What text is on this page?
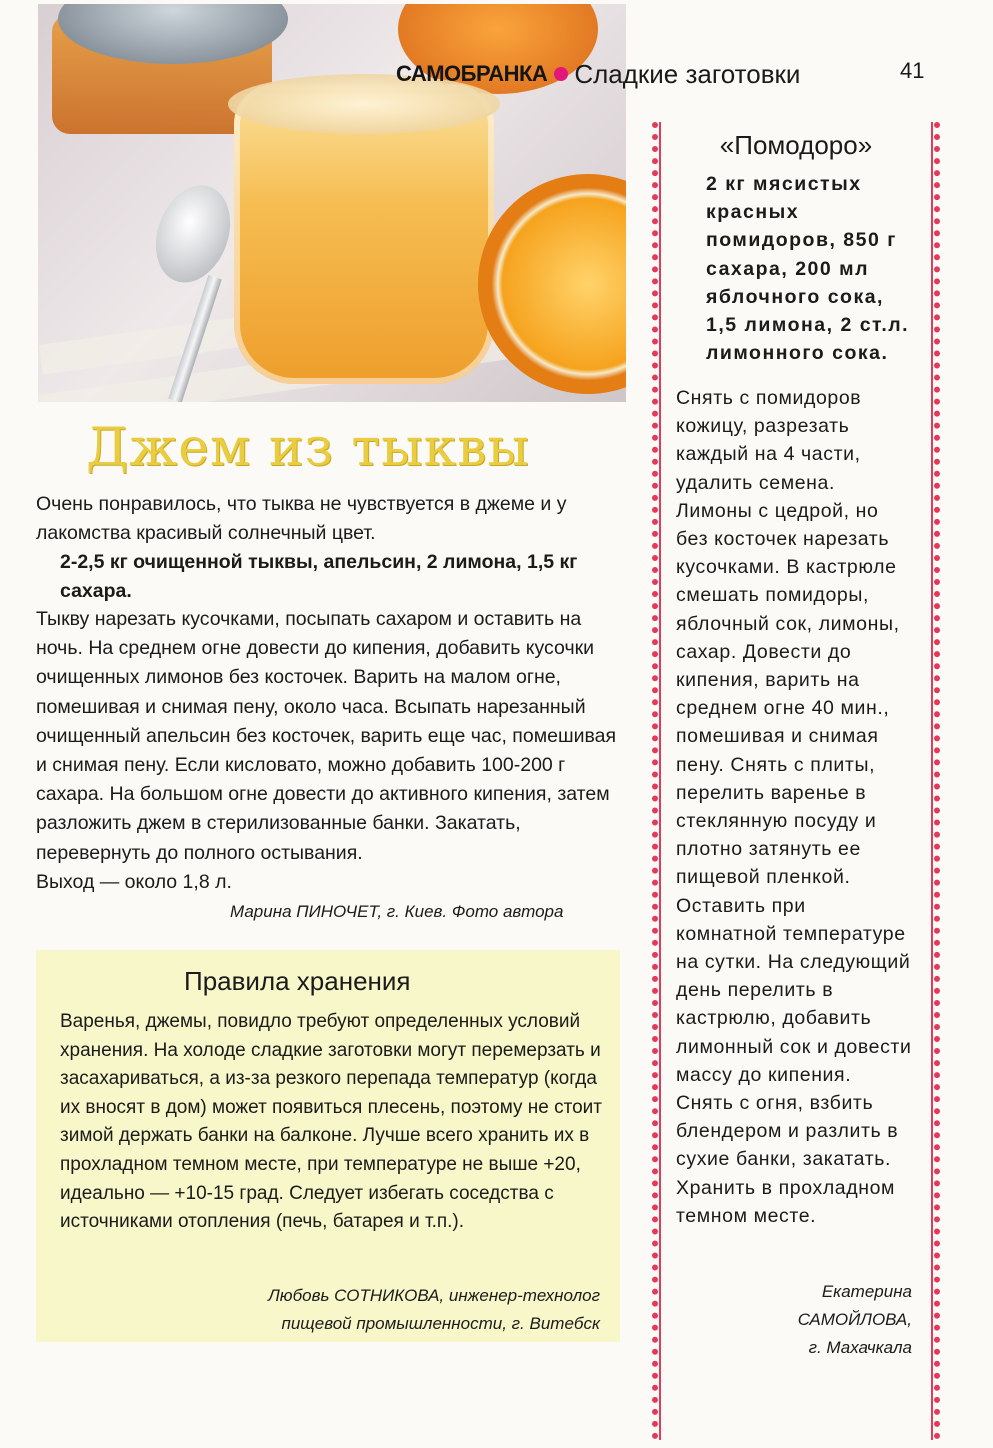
САМОБРАНКА Сладкие заготовки	41
Джем из тыквы
Очень понравилось, что тыква не чувствуется в джеме и у лакомства красивый солнечный цвет.
2-2,5 кг очищенной тыквы, апельсин, 2 лимона, 1,5 кг сахара.
Тыкву нарезать кусочками, посыпать сахаром и оставить на ночь. На среднем огне довести до кипения, добавить кусочки очищенных лимонов без косточек. Варить на малом огне, помешивая и снимая пену, около часа. Всыпать нарезанный очищенный апельсин без косточек, варить еще час, помешивая и снимая пену. Если кисловато, можно добавить 100-200 г сахара. На большом огне довести до активного кипения, затем разложить джем в стерилизованные банки. Закатать, перевернуть до полного остывания.
Выход — около 1,8 л.
Марина ПИНОЧЕТ, г. Киев. Фото автора
Правила хранения
Варенья, джемы, повидло требуют определенных условий хранения. На холоде сладкие заготовки могут перемерзать и засахариваться, а из-за резкого перепада температур (когда их вносят в дом) может появиться плесень, поэтому не стоит зимой держать банки на балконе. Лучше всего хранить их в прохладном темном месте, при температуре не выше +20, идеально — +10-15 град. Следует избегать соседства с источниками отопления (печь, батарея и т.п.).
Любовь СОТНИКОВА, инженер-технолог
пищевой промышленности, г. Витебск
«Помодоро»
2 кг мясистых красных помидоров, 850 г сахара, 200 мл яблочного сока, 1,5 лимона, 2 ст.л. лимонного сока.
Снять с помидоров кожицу, разрезать каждый на 4 части, удалить семена. Лимоны с цедрой, но без косточек нарезать кусочками. В кастрюле смешать помидоры, яблочный сок, лимоны, сахар. Довести до кипения, варить на среднем огне 40 мин., помешивая и снимая пену. Снять с плиты, перелить варенье в стеклянную посуду и плотно затянуть ее пищевой пленкой. Оставить при комнатной температуре на сутки. На следующий день перелить в кастрюлю, добавить лимонный сок и довести массу до кипения. Снять с огня, взбить блендером и разлить в сухие банки, закатать. Хранить в прохладном темном месте.
Екатерина
САМОЙЛОВА,
г. Махачкала
